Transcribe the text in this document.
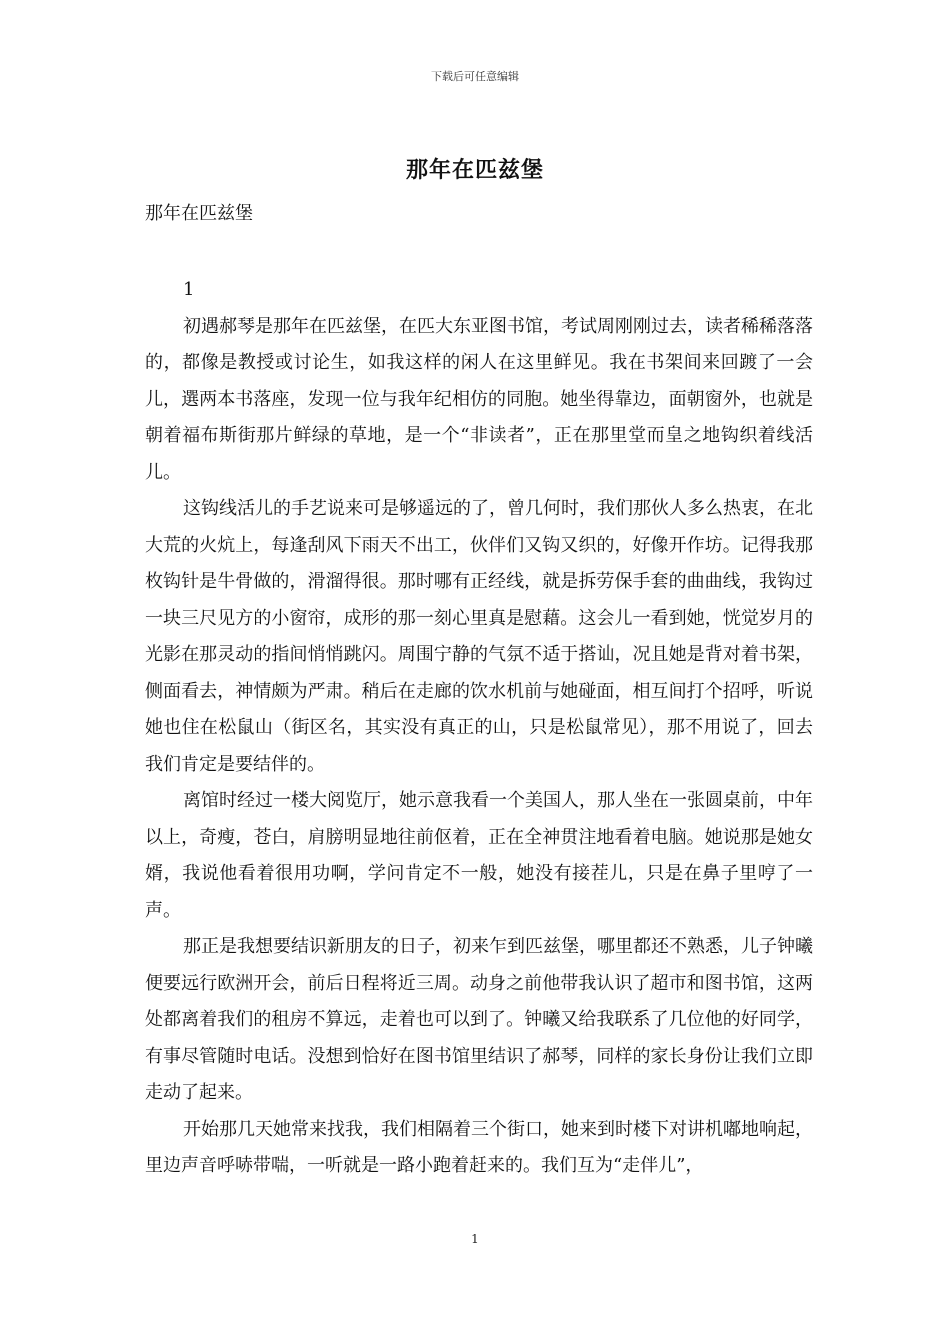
下载后可任意编辑
那年在匹兹堡
那年在匹兹堡
1

初遇郝琴是那年在匹兹堡，在匹大东亚图书馆，考试周刚刚过去，读者稀稀落落的，都像是教授或讨论生，如我这样的闲人在这里鲜见。我在书架间来回踱了一会儿，選两本书落座，发现一位与我年纪相仿的同胞。她坐得靠边，面朝窗外，也就是朝着福布斯街那片鲜绿的草地，是一个“非读者”，正在那里堂而皇之地钩织着线活儿。

这钩线活儿的手艺说来可是够遥远的了，曾几何时，我们那伙人多么热衷，在北大荒的火炕上，每逢刮风下雨天不出工，伙伴们又钩又织的，好像开作坊。记得我那枚钩针是牛骨做的，滑溜得很。那时哪有正经线，就是拆劳保手套的曲曲线，我钩过一块三尺见方的小窗帘，成形的那一刻心里真是慰藉。这会儿一看到她，恍觉岁月的光影在那灵动的指间悄悄跳闪。周围宁静的气氛不适于搭讪，况且她是背对着书架，侧面看去，神情颇为严肃。稍后在走廊的饮水机前与她碰面，相互间打个招呼，听说她也住在松鼠山（街区名，其实没有真正的山，只是松鼠常见），那不用说了，回去我们肯定是要结伴的。

离馆时经过一楼大阅览厅，她示意我看一个美国人，那人坐在一张圆桌前，中年以上，奇瘦，苍白，肩膀明显地往前伛着，正在全神贯注地看着电脑。她说那是她女婿，我说他看着很用功啊，学问肯定不一般，她没有接茬儿，只是在鼻子里哼了一声。

那正是我想要结识新朋友的日子，初来乍到匹兹堡，哪里都还不熟悉，儿子钟曦便要远行欧洲开会，前后日程将近三周。动身之前他带我认识了超市和图书馆，这两处都离着我们的租房不算远，走着也可以到了。钟曦又给我联系了几位他的好同学，有事尽管随时电话。没想到恰好在图书馆里结识了郝琴，同样的家长身份让我们立即走动了起来。

开始那几天她常来找我，我们相隔着三个街口，她来到时楼下对讲机嘟地响起，里边声音呼哧带喘，一听就是一路小跑着赶来的。我们互为“走伴儿”，

1
